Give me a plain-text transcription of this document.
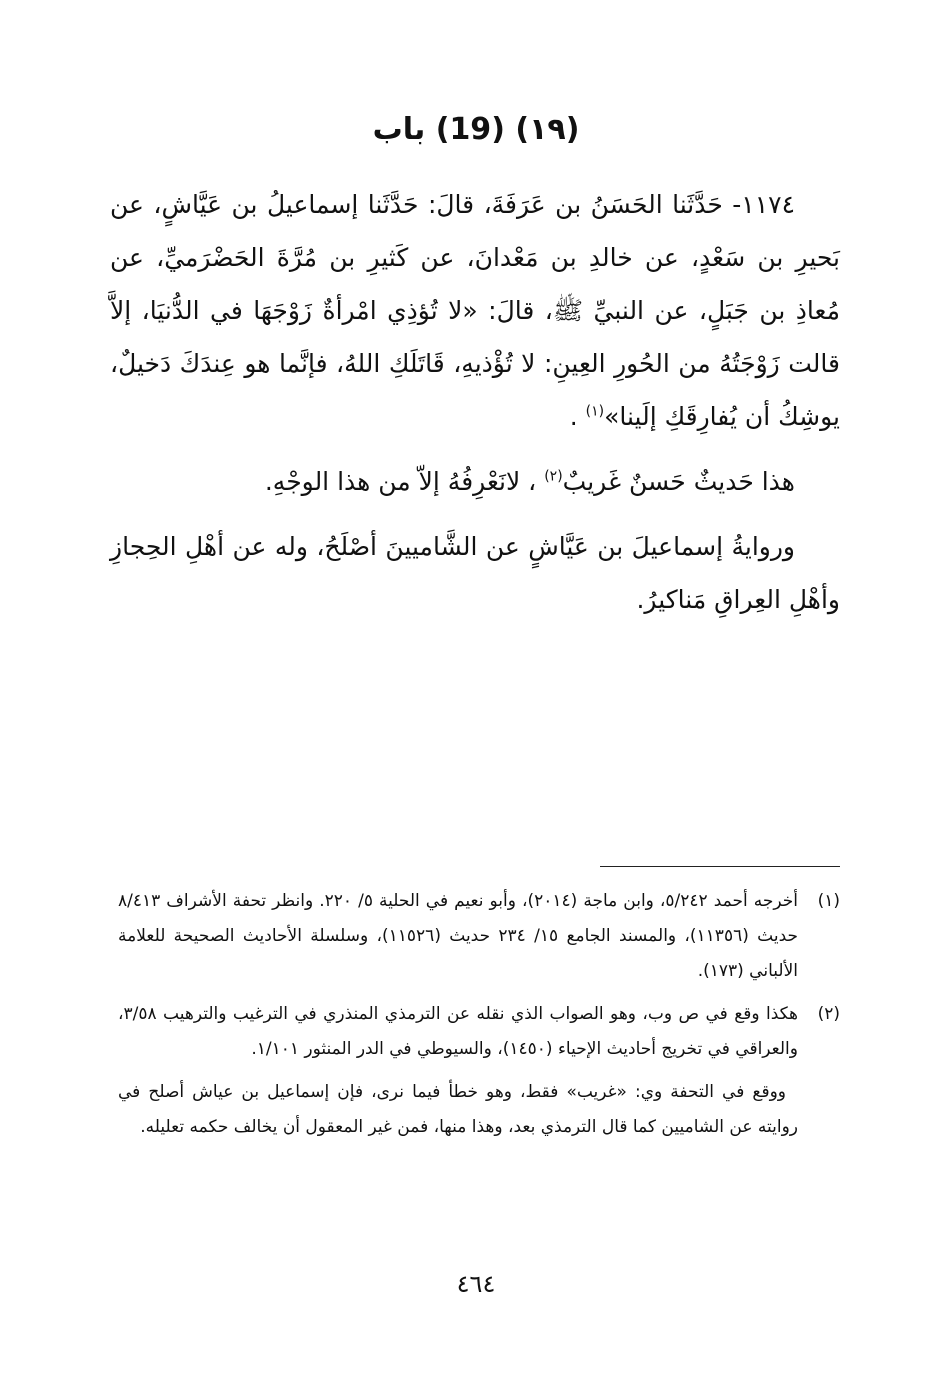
(١٩) (19) باب

١١٧٤- حَدَّثَنا الحَسَنُ بن عَرَفَةَ، قالَ: حَدَّثَنا إسماعيلُ بن عَيَّاشٍ، عن بَحيرِ بن سَعْدٍ، عن خالدِ بن مَعْدانَ، عن كَثيرِ بن مُرَّةَ الحَضْرَميِّ، عن مُعاذِ بن جَبَلٍ، عن النبيِّ ﷺ، قالَ: «لا تُؤذِي امْرأةٌ زَوْجَهَا في الدُّنيَا، إلاَّ قالت زَوْجَتُهُ من الحُورِ العِينِ: لا تُؤْذيهِ، قَاتَلَكِ اللهُ، فإنَّما هو عِندَكَ دَخيلٌ، يوشِكُ أن يُفارِقَكِ إلَينا»$^{(١)}$ .

هذا حَديثٌ حَسنٌ غَريبٌ$^{(٢)}$ ، لانَعْرِفُهُ إلاّ من هذا الوجْهِ.

وروايةُ إسماعيلَ بن عَيَّاشٍ عن الشَّاميينَ أصْلَحُ، وله عن أهْلِ الحِجازِ وأهْلِ العِراقِ مَناكيرُ.

(١)
أخرجه أحمد ٥/٢٤٢، وابن ماجة (٢٠١٤)، وأبو نعيم في الحلية ٥/ ٢٢٠. وانظر تحفة الأشراف ٨/٤١٣ حديث (١١٣٥٦)، والمسند الجامع ١٥/ ٢٣٤ حديث (١١٥٢٦)، وسلسلة الأحاديث الصحيحة للعلامة الألباني (١٧٣).
(٢)
هكذا وقع في ص وب، وهو الصواب الذي نقله عن الترمذي المنذري في الترغيب والترهيب ٣/٥٨، والعراقي في تخريج أحاديث الإحياء (١٤٥٠)، والسيوطي في الدر المنثور ١/١٠١.
ووقع في التحفة وي: «غريب» فقط، وهو خطأ فيما نرى، فإن إسماعيل بن عياش أصلح في روايته عن الشاميين كما قال الترمذي بعد، وهذا منها، فمن غير المعقول أن يخالف حكمه تعليله.
٤٦٤
